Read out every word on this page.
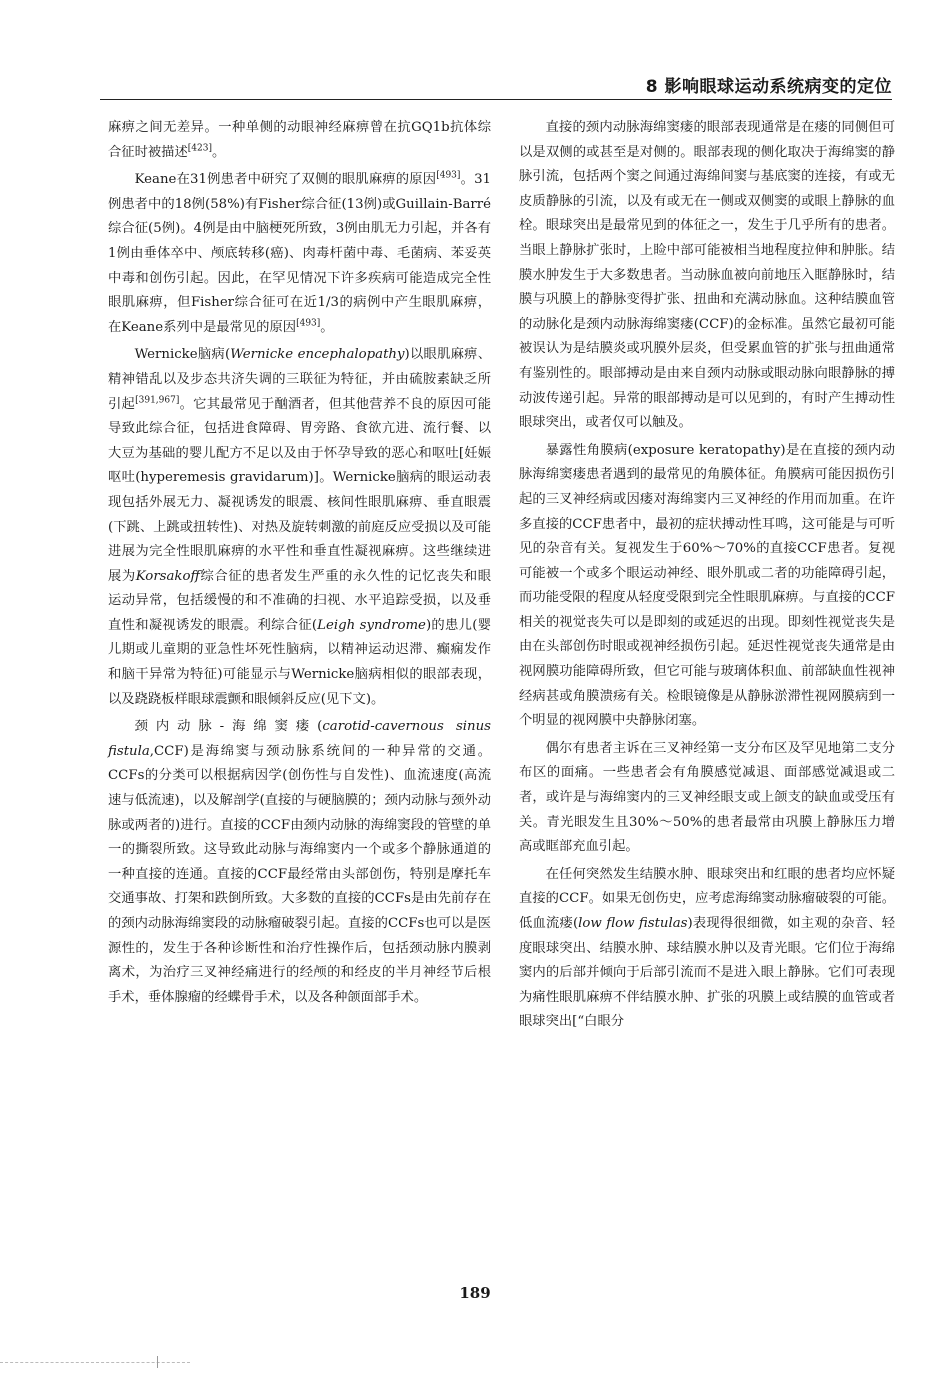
8 影响眼球运动系统病变的定位

麻痹之间无差异。一种单侧的动眼神经麻痹曾在抗GQ1b抗体综合征时被描述[423]。

Keane在31例患者中研究了双侧的眼肌麻痹的原因[493]。31例患者中的18例(58%)有Fisher综合征(13例)或Guillain-Barré综合征(5例)。4例是由中脑梗死所致，3例由肌无力引起，并各有1例由垂体卒中、颅底转移(癌)、肉毒杆菌中毒、毛菌病、苯妥英中毒和创伤引起。因此，在罕见情况下许多疾病可能造成完全性眼肌麻痹，但Fisher综合征可在近1/3的病例中产生眼肌麻痹，在Keane系列中是最常见的原因[493]。

Wernicke脑病(Wernicke encephalopathy)以眼肌麻痹、精神错乱以及步态共济失调的三联征为特征，并由硫胺素缺乏所引起[391,967]。它其最常见于酗酒者，但其他营养不良的原因可能导致此综合征，包括进食障碍、胃旁路、食欲亢进、流行餐、以大豆为基础的婴儿配方不足以及由于怀孕导致的恶心和呕吐[妊娠呕吐(hyperemesis gravidarum)]。Wernicke脑病的眼运动表现包括外展无力、凝视诱发的眼震、核间性眼肌麻痹、垂直眼震(下跳、上跳或扭转性)、对热及旋转刺激的前庭反应受损以及可能进展为完全性眼肌麻痹的水平性和垂直性凝视麻痹。这些继续进展为Korsakoff综合征的患者发生严重的永久性的记忆丧失和眼运动异常，包括缓慢的和不准确的扫视、水平追踪受损，以及垂直性和凝视诱发的眼震。利综合征(Leigh syndrome)的患儿(婴儿期或儿童期的亚急性坏死性脑病，以精神运动迟滞、癫痫发作和脑干异常为特征)可能显示与Wernicke脑病相似的眼部表现，以及跷跷板样眼球震颤和眼倾斜反应(见下文)。

颈内动脉-海绵窦瘘(carotid-cavernous sinus fistula,CCF)是海绵窦与颈动脉系统间的一种异常的交通。CCFs的分类可以根据病因学(创伤性与自发性)、血流速度(高流速与低流速)，以及解剖学(直接的与硬脑膜的；颈内动脉与颈外动脉或两者的)进行。直接的CCF由颈内动脉的海绵窦段的管壁的单一的撕裂所致。这导致此动脉与海绵窦内一个或多个静脉通道的一种直接的连通。直接的CCF最经常由头部创伤，特别是摩托车交通事故、打架和跌倒所致。大多数的直接的CCFs是由先前存在的颈内动脉海绵窦段的动脉瘤破裂引起。直接的CCFs也可以是医源性的，发生于各种诊断性和治疗性操作后，包括颈动脉内膜剥离术，为治疗三叉神经痛进行的经颅的和经皮的半月神经节后根手术，垂体腺瘤的经蝶骨手术，以及各种颌面部手术。

直接的颈内动脉海绵窦瘘的眼部表现通常是在瘘的同侧但可以是双侧的或甚至是对侧的。眼部表现的侧化取决于海绵窦的静脉引流，包括两个窦之间通过海绵间窦与基底窦的连接，有或无皮质静脉的引流，以及有或无在一侧或双侧窦的或眼上静脉的血栓。眼球突出是最常见到的体征之一，发生于几乎所有的患者。当眼上静脉扩张时，上睑中部可能被相当地程度拉伸和肿胀。结膜水肿发生于大多数患者。当动脉血被向前地压入眶静脉时，结膜与巩膜上的静脉变得扩张、扭曲和充满动脉血。这种结膜血管的动脉化是颈内动脉海绵窦瘘(CCF)的金标准。虽然它最初可能被误认为是结膜炎或巩膜外层炎，但受累血管的扩张与扭曲通常有鉴别性的。眼部搏动是由来自颈内动脉或眼动脉向眼静脉的搏动波传递引起。异常的眼部搏动是可以见到的，有时产生搏动性眼球突出，或者仅可以触及。

暴露性角膜病(exposure keratopathy)是在直接的颈内动脉海绵窦瘘患者遇到的最常见的角膜体征。角膜病可能因损伤引起的三叉神经病或因瘘对海绵窦内三叉神经的作用而加重。在许多直接的CCF患者中，最初的症状搏动性耳鸣，这可能是与可听见的杂音有关。复视发生于60%～70%的直接CCF患者。复视可能被一个或多个眼运动神经、眼外肌或二者的功能障碍引起，而功能受限的程度从轻度受限到完全性眼肌麻痹。与直接的CCF相关的视觉丧失可以是即刻的或延迟的出现。即刻性视觉丧失是由在头部创伤时眼或视神经损伤引起。延迟性视觉丧失通常是由视网膜功能障碍所致，但它可能与玻璃体积血、前部缺血性视神经病甚或角膜溃疡有关。检眼镜像是从静脉淤滞性视网膜病到一个明显的视网膜中央静脉闭塞。

偶尔有患者主诉在三叉神经第一支分布区及罕见地第二支分布区的面痛。一些患者会有角膜感觉减退、面部感觉减退或二者，或许是与海绵窦内的三叉神经眼支或上颌支的缺血或受压有关。青光眼发生且30%～50%的患者最常由巩膜上静脉压力增高或眶部充血引起。

在任何突然发生结膜水肿、眼球突出和红眼的患者均应怀疑直接的CCF。如果无创伤史，应考虑海绵窦动脉瘤破裂的可能。低血流瘘(low flow fistulas)表现得很细微，如主观的杂音、轻度眼球突出、结膜水肿、球结膜水肿以及青光眼。它们位于海绵窦内的后部并倾向于后部引流而不是进入眼上静脉。它们可表现为痛性眼肌麻痹不伴结膜水肿、扩张的巩膜上或结膜的血管或者眼球突出[“白眼分

189
